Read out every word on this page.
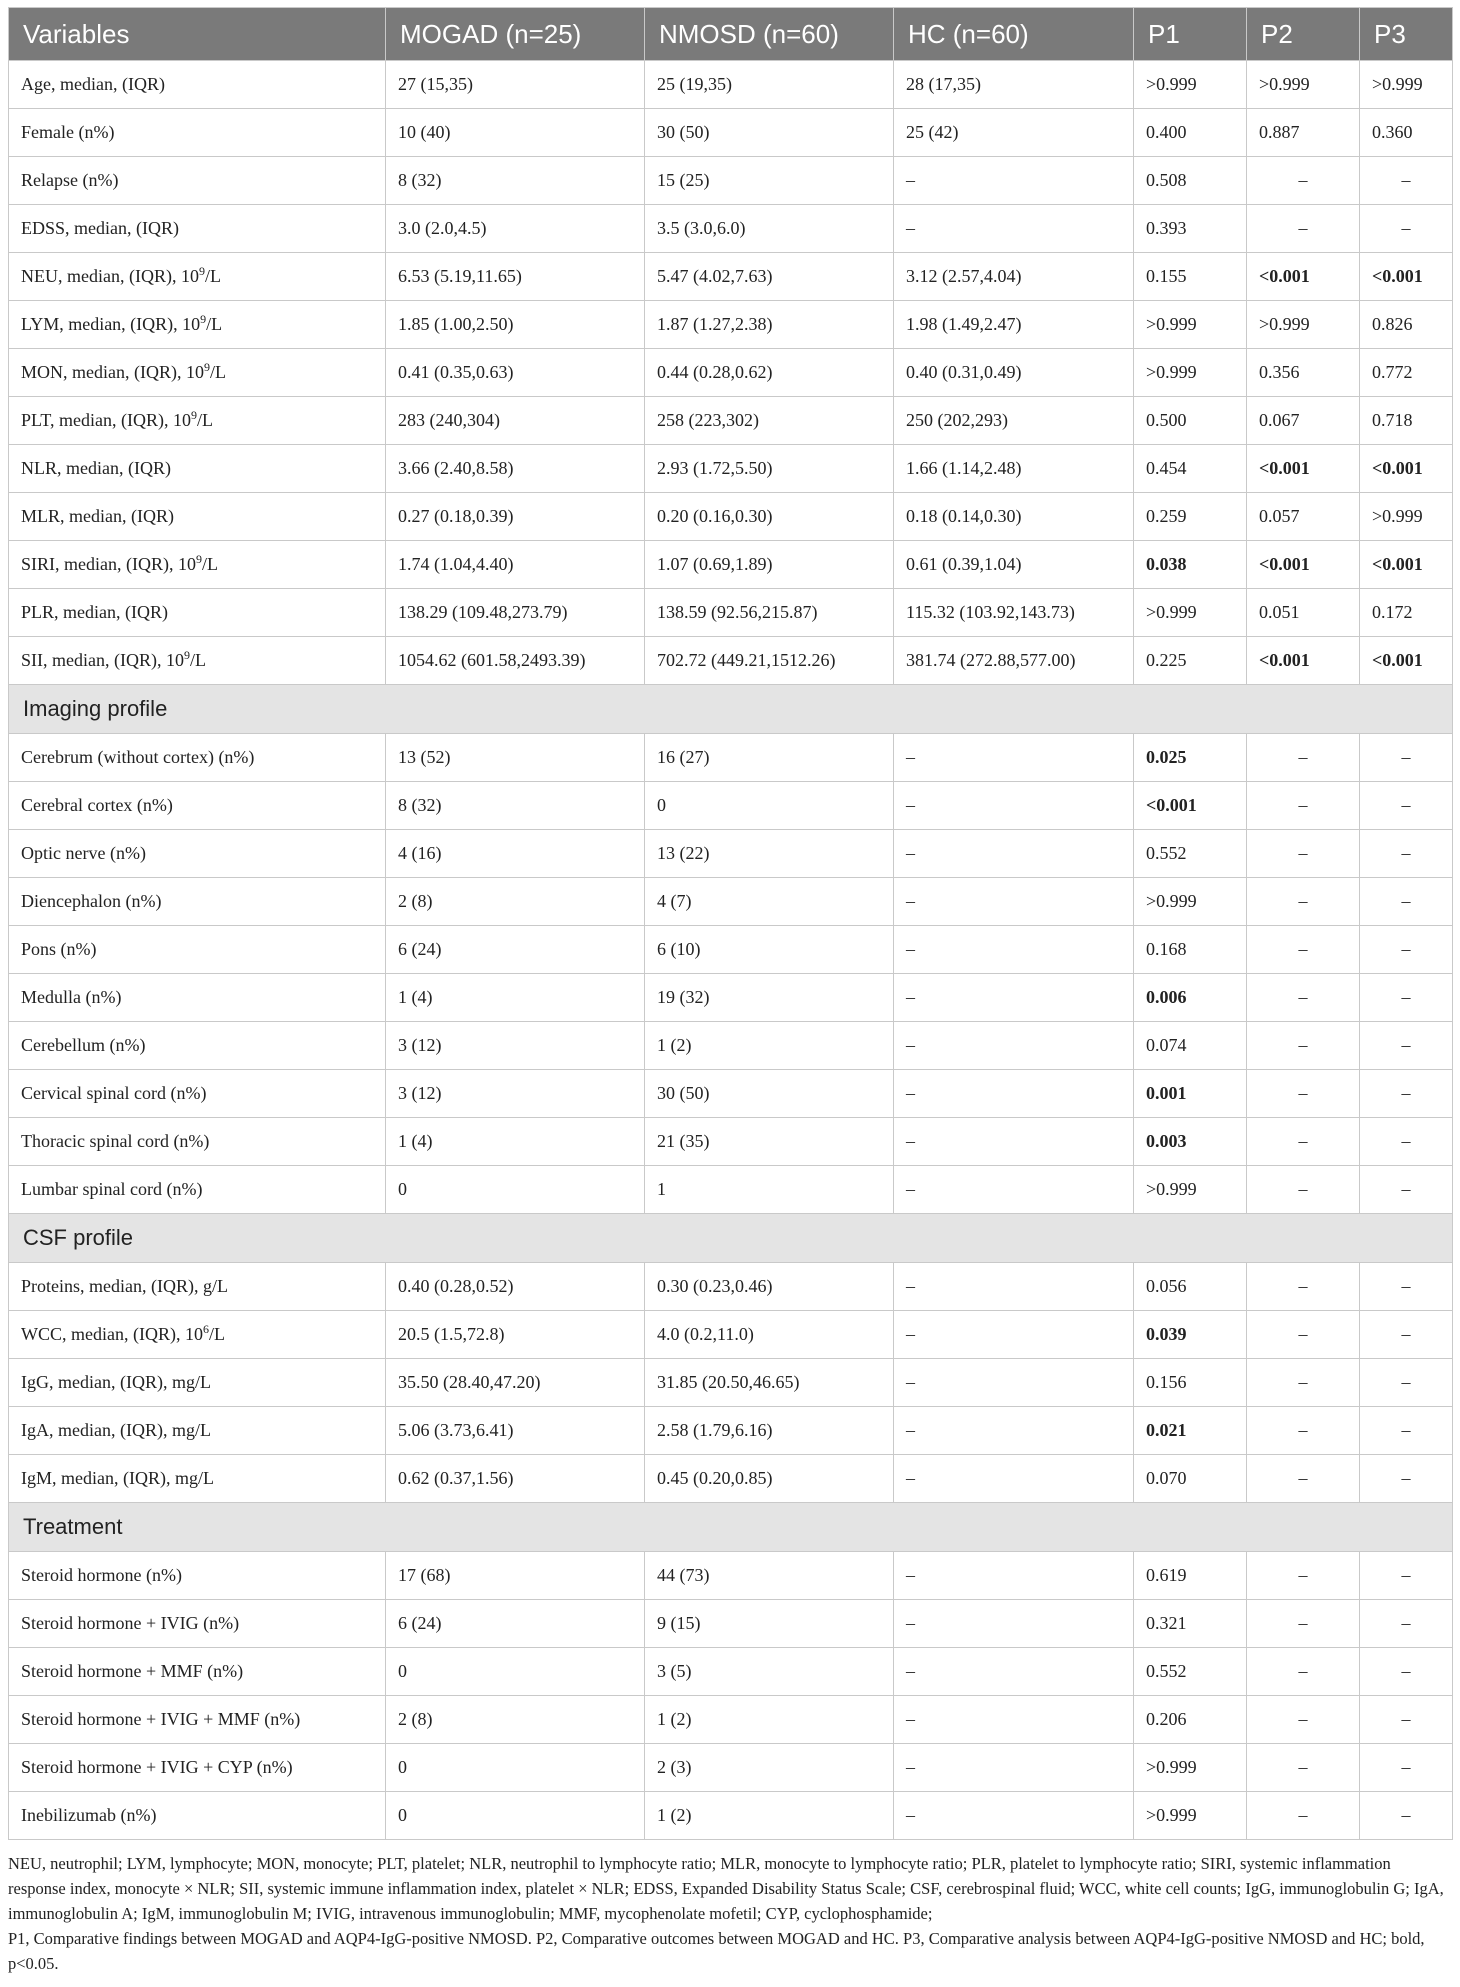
Variables	MOGAD (n=25)	NMOSD (n=60)	HC (n=60)	P1	P2	P3
Age, median, (IQR)	27 (15,35)	25 (19,35)	28 (17,35)	>0.999	>0.999	>0.999
Female (n%)	10 (40)	30 (50)	25 (42)	0.400	0.887	0.360
Relapse (n%)	8 (32)	15 (25)	–	0.508	–	–
EDSS, median, (IQR)	3.0 (2.0,4.5)	3.5 (3.0,6.0)	–	0.393	–	–
NEU, median, (IQR), $10^9/L$	6.53 (5.19,11.65)	5.47 (4.02,7.63)	3.12 (2.57,4.04)	0.155	<0.001	<0.001
LYM, median, (IQR), $10^9/L$	1.85 (1.00,2.50)	1.87 (1.27,2.38)	1.98 (1.49,2.47)	>0.999	>0.999	0.826
MON, median, (IQR), $10^9/L$	0.41 (0.35,0.63)	0.44 (0.28,0.62)	0.40 (0.31,0.49)	>0.999	0.356	0.772
PLT, median, (IQR), $10^9/L$	283 (240,304)	258 (223,302)	250 (202,293)	0.500	0.067	0.718
NLR, median, (IQR)	3.66 (2.40,8.58)	2.93 (1.72,5.50)	1.66 (1.14,2.48)	0.454	<0.001	<0.001
MLR, median, (IQR)	0.27 (0.18,0.39)	0.20 (0.16,0.30)	0.18 (0.14,0.30)	0.259	0.057	>0.999
SIRI, median, (IQR), $10^9/L$	1.74 (1.04,4.40)	1.07 (0.69,1.89)	0.61 (0.39,1.04)	0.038	<0.001	<0.001
PLR, median, (IQR)	138.29 (109.48,273.79)	138.59 (92.56,215.87)	115.32 (103.92,143.73)	>0.999	0.051	0.172
SII, median, (IQR), $10^9/L$	1054.62 (601.58,2493.39)	702.72 (449.21,1512.26)	381.74 (272.88,577.00)	0.225	<0.001	<0.001
Imaging profile						
Cerebrum (without cortex) (n%)	13 (52)	16 (27)	–	0.025	–	–
Cerebral cortex (n%)	8 (32)	0	–	<0.001	–	–
Optic nerve (n%)	4 (16)	13 (22)	–	0.552	–	–
Diencephalon (n%)	2 (8)	4 (7)	–	>0.999	–	–
Pons (n%)	6 (24)	6 (10)	–	0.168	–	–
Medulla (n%)	1 (4)	19 (32)	–	0.006	–	–
Cerebellum (n%)	3 (12)	1 (2)	–	0.074	–	–
Cervical spinal cord (n%)	3 (12)	30 (50)	–	0.001	–	–
Thoracic spinal cord (n%)	1 (4)	21 (35)	–	0.003	–	–
Lumbar spinal cord (n%)	0	1	–	>0.999	–	–
CSF profile						
Proteins, median, (IQR), g/L	0.40 (0.28,0.52)	0.30 (0.23,0.46)	–	0.056	–	–
WCC, median, (IQR), $10^6/L$	20.5 (1.5,72.8)	4.0 (0.2,11.0)	–	0.039	–	–
IgG, median, (IQR), mg/L	35.50 (28.40,47.20)	31.85 (20.50,46.65)	–	0.156	–	–
IgA, median, (IQR), mg/L	5.06 (3.73,6.41)	2.58 (1.79,6.16)	–	0.021	–	–
IgM, median, (IQR), mg/L	0.62 (0.37,1.56)	0.45 (0.20,0.85)	–	0.070	–	–
Treatment						
Steroid hormone (n%)	17 (68)	44 (73)	–	0.619	–	–
Steroid hormone + IVIG (n%)	6 (24)	9 (15)	–	0.321	–	–
Steroid hormone + MMF (n%)	0	3 (5)	–	0.552	–	–
Steroid hormone + IVIG + MMF (n%)	2 (8)	1 (2)	–	0.206	–	–
Steroid hormone + IVIG + CYP (n%)	0	2 (3)	–	>0.999	–	–
Inebilizumab (n%)	0	1 (2)	–	>0.999	–	–

NEU, neutrophil; LYM, lymphocyte; MON, monocyte; PLT, platelet; NLR, neutrophil to lymphocyte ratio; MLR, monocyte to lymphocyte ratio; PLR, platelet to lymphocyte ratio; SIRI, systemic inflammation response index, monocyte × NLR; SII, systemic immune inflammation index, platelet × NLR; EDSS, Expanded Disability Status Scale; CSF, cerebrospinal fluid; WCC, white cell counts; IgG, immunoglobulin G; IgA, immunoglobulin A; IgM, immunoglobulin M; IVIG, intravenous immunoglobulin; MMF, mycophenolate mofetil; CYP, cyclophosphamide;

P1, Comparative findings between MOGAD and AQP4-IgG-positive NMOSD. P2, Comparative outcomes between MOGAD and HC. P3, Comparative analysis between AQP4-IgG-positive NMOSD and HC; bold, p<0.05.
